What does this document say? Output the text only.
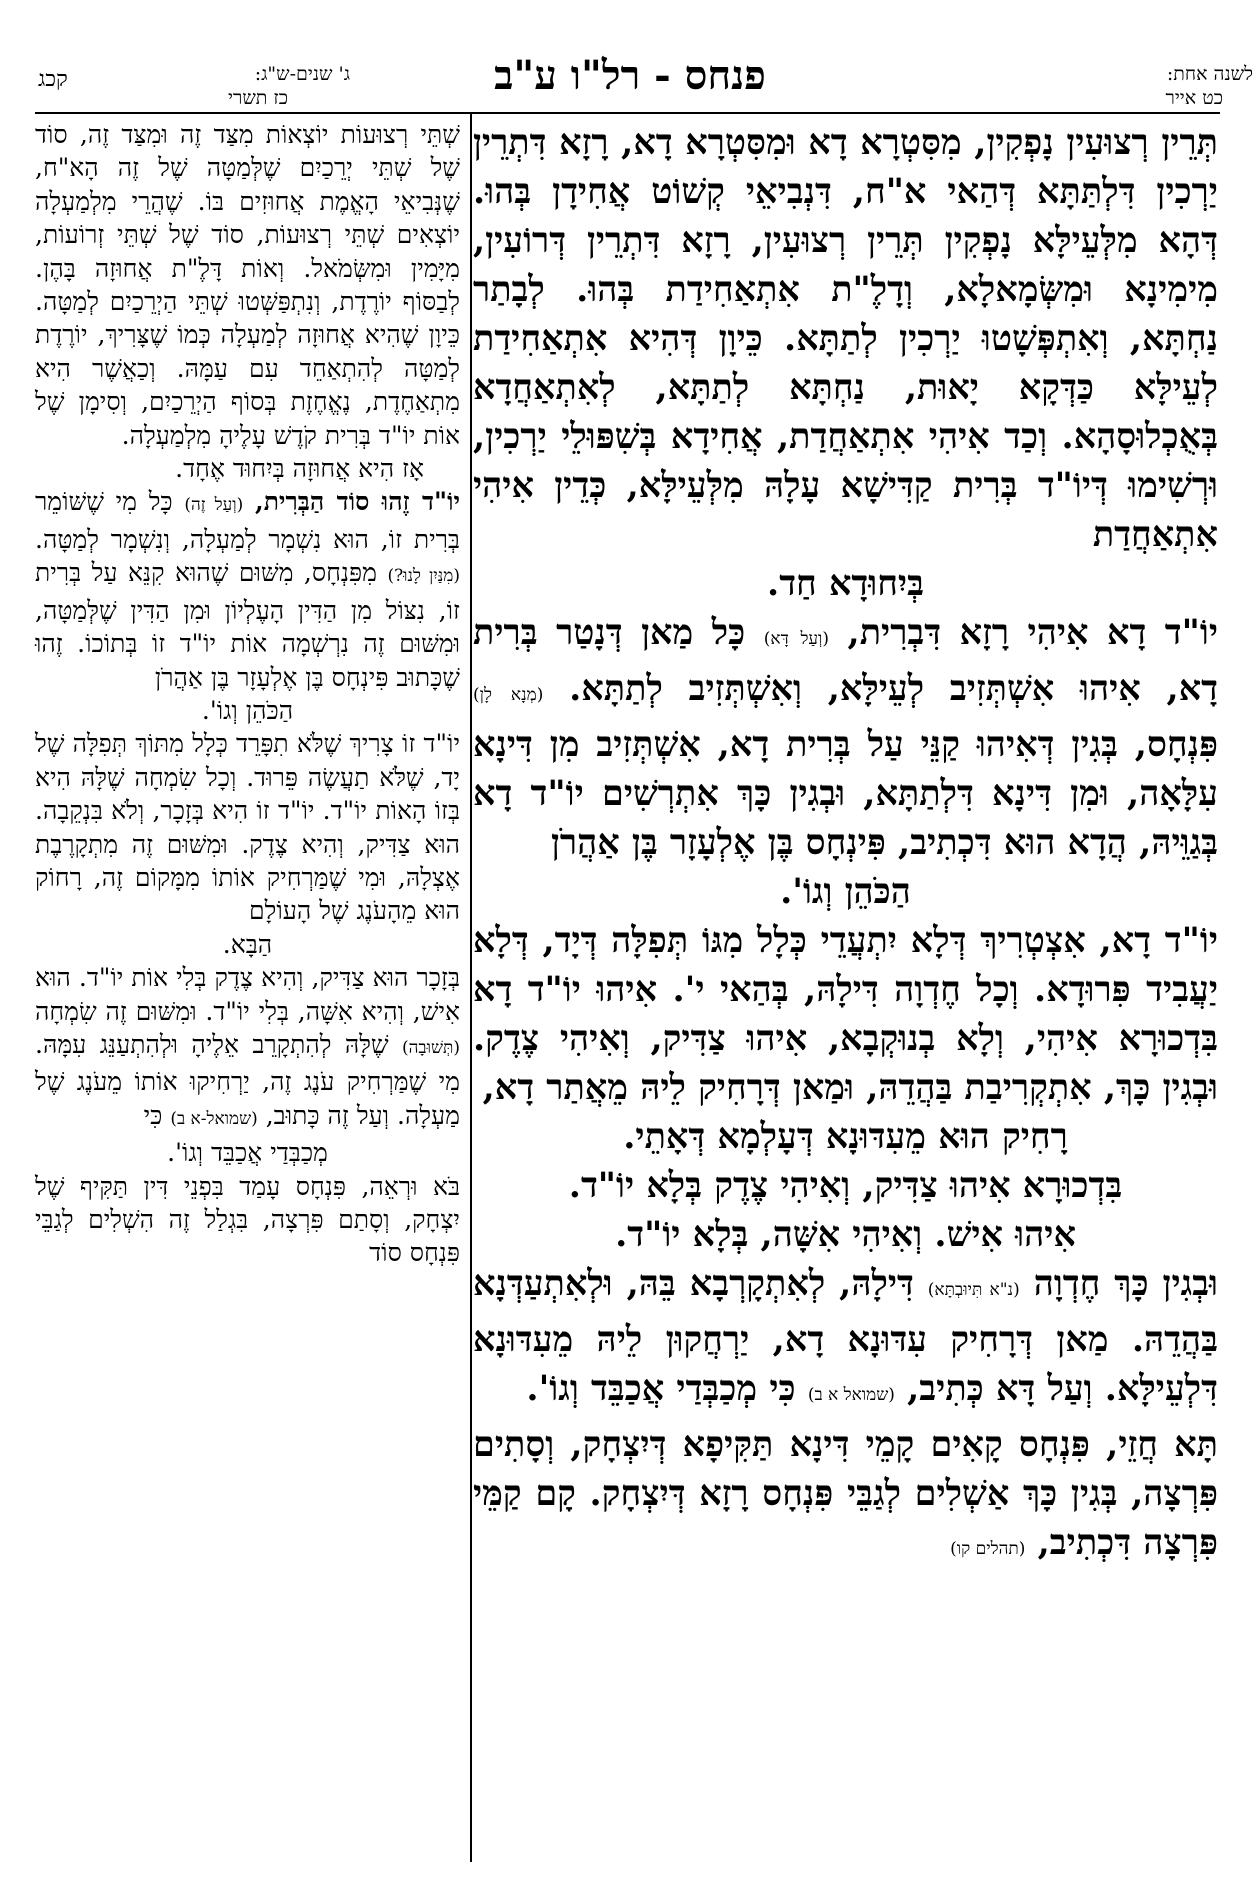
לשנה אחת:
כט אייר
פנחס - רל"ו ע"ב
ג' שנים-ש"ג:
כז תשרי
קכג

תְּרֵין רְצוּעִין נָפְקִין, מִסִּטְרָא דָא וּמִסִּטְרָא דָא, רָזָא דִּתְרֵין יַרְכִין דִּלְתַּתָּא דְּהַאי א"ח, דִּנְבִיאֵי קְשׁוֹט אֲחִידָן בְּהוּ. דְּהָא מִלְּעֵילָּא נָפְקִין תְּרֵין רְצוּעִין, רָזָא דִּתְרֵין דְּרוֹעִין, מִימִינָא וּמִשְּׂמָאלָא, וְדָלֶ"ת אִתְאַחִידַת בְּהוּ. לְבָתַר נַחְתָּא, וְאִתְפְּשָׁטוּ יַרְכִין לְתַתָּא. כֵּיוָן דְּהִיא אִתְאַחִידַת לְעֵילָּא כַּדְּקָא יָאוּת, נַחְתָּא לְתַתָּא, לְאִתְאַחֲדָא בְּאֻכְלוּסָהָא. וְכַד אִיהִי אִתְאַחֲדַת, אֲחִידָא בְּשִׁפּוּלֵי יַרְכִין, וּרְשִׁימוּ דְּיוֹ"ד בְּרִית קַדִּישָׁא עָלָהּ מִלְּעֵילָּא, כְּדֵין אִיהִי אִתְאַחֲדַת

בְּיִחוּדָא חַד.

יוֹ"ד דָא אִיהִי רָזָא דִּבְרִית, (וְעַל דָּא) כָּל מַאן דְּנָטַר בְּרִית דָא, אִיהוּ אִשְׁתְּזִיב לְעֵילָּא, וְאִשְׁתְּזִיב לְתַתָּא. (מְנָא לָן) פִּנְחָס, בְּגִין דְּאִיהוּ קַנֵּי עַל בְּרִית דָא, אִשְׁתְּזִיב מִן דִּינָא עִלָּאָה, וּמִן דִּינָא דִּלְתַתָּא, וּבְגִין כָּךְ אִתְרְשִׁים יוֹ"ד דָא בְּגַוֵּיהּ, הֲדָא הוּא דִּכְתִיב, פִּינְחָס בֶּן אֶלְעָזָר בֶּן אַהֲרֹן

הַכֹּהֵן וְגוֹ'.

יוֹ"ד דָא, אִצְטְרִיךְ דְּלָא יִתְעֲדֵי כְּלָל מִגּוֹ תְּפִלָּה דְּיָד, דְּלָא יַעֲבִיד פִּרוּדָא. וְכָל חֶדְוָה דִּילָהּ, בְּהַאי י'. אִיהוּ יוֹ"ד דָא בִּדְכוּרָא אִיהִי, וְלָא בְנוּקְבָא, אִיהוּ צַדִּיק, וְאִיהִי צֶדֶק. וּבְגִין כָּךְ, אִתְקְרִיבַת בַּהֲדֵהּ, וּמַאן דְּרָחִיק לֵיהּ מֵאֲתַר דָא,

רָחִיק הוּא מֵעִדּוּנָא דְּעָלְמָא דְּאָתֵי.

בִּדְכוּרָא אִיהוּ צַדִּיק, וְאִיהִי צֶדֶק בְּלָא יוֹ"ד.

אִיהוּ אִישׁ. וְאִיהִי אִשָּׁה, בְּלָא יוֹ"ד.

וּבְגִין כָּךְ חֶדְוָה (נ"א תִּיוּבְתָּא) דִּילָהּ, לְאִתְקָרְבָא בֵּהּ, וּלְאִתְעַדְּנָא בַּהֲדֵהּ. מַאן דְּרָחִיק עִדּוּנָא דָא, יַרְחֲקוּן לֵיהּ מֵעִדּוּנָא דִּלְעֵילָּא. וְעַל דָּא כְּתִיב, (שמואל א ב) כִּי מְכַבְּדַי אֲכַבֵּד וְגוֹ'.

תָּא חֲזֵי, פִּנְחָס קָאִים קָמֵי דִּינָא תַּקִּיפָא דְּיִצְחָק, וְסָתִים פִּרְצָה, בְּגִין כָּךְ אַשְׁלִים לְגַבֵּי פִּנְחָס רָזָא דְּיִצְחָק. קָם קַמֵּי פִּרְצָה דִּכְתִיב, (תהלים קו)

שְׁתֵּי רְצוּעוֹת יוֹצְאוֹת מִצַּד זֶה וּמִצַּד זֶה, סוֹד שֶׁל שְׁתֵּי יְרֵכַיִם שֶׁלְּמַטָּה שֶׁל זֶה הָא"ח, שֶׁנְּבִיאֵי הָאֱמֶת אֲחוּזִים בּוֹ. שֶׁהֲרֵי מִלְמַעְלָה יוֹצְאִים שְׁתֵּי רְצוּעוֹת, סוֹד שֶׁל שְׁתֵּי זְרוֹעוֹת, מִיָּמִין וּמִשְּׂמֹאל. וְאוֹת דָּלֶ"ת אֲחוּזָה בָּהֶן. לְבַסּוֹף יוֹרֶדֶת, וְנִתְפַּשְּׁטוּ שְׁתֵּי הַיְרֵכַיִם לְמַטָּה. כֵּיוָן שֶׁהִיא אֲחוּזָה לְמַעְלָה כְּמוֹ שֶׁצָּרִיךְ, יוֹרֶדֶת לְמַטָּה לְהִתְאַחֵד עִם עַמָּהּ. וְכַאֲשֶׁר הִיא מִתְאַחֶדֶת, נֶאֱחֶזֶת בְּסוֹף הַיְרֵכַיִם, וְסִימָן שֶׁל אוֹת יוֹ"ד בְּרִית קֹדֶשׁ עָלֶיהָ מִלְמַעְלָה.

אָז הִיא אֲחוּזָה בְּיִחוּד אֶחָד.

יוֹ"ד זֶהוּ סוֹד הַבְּרִית, (וְעַל זֶה) כָּל מִי שֶׁשּׁוֹמֵר בְּרִית זוֹ, הוּא נִשְׁמָר לְמַעְלָה, וְנִשְׁמָר לְמַטָּה. (מִנַּיִן לָנוּ?) מִפִּנְחָס, מִשּׁוּם שֶׁהוּא קִנֵּא עַל בְּרִית זוֹ, נִצּוֹל מִן הַדִּין הָעֶלְיוֹן וּמִן הַדִּין שֶׁלְּמַטָּה, וּמִשּׁוּם זֶה נִרְשְׁמָה אוֹת יוֹ"ד זוֹ בְּתוֹכוֹ. זֶהוּ שֶׁכָּתוּב פִּינְחָס בֶּן אֶלְעָזָר בֶּן אַהֲרֹן

הַכֹּהֵן וְגוֹ'.

יוֹ"ד זוֹ צָרִיךְ שֶׁלֹּא תִפָּרֵד כְּלָל מִתּוֹךְ תְּפִלָּה שֶׁל יָד, שֶׁלֹּא תַעֲשֶׂה פֵּרוּד. וְכָל שִׂמְחָה שֶׁלָּהּ הִיא בְּזוֹ הָאוֹת יוֹ"ד. יוֹ"ד זוֹ הִיא בְּזָכָר, וְלֹא בִּנְקֵבָה. הוּא צַדִּיק, וְהִיא צֶדֶק. וּמִשּׁוּם זֶה מִתְקָרֶבֶת אֶצְלָהּ, וּמִי שֶׁמַּרְחִיק אוֹתוֹ מִמָּקוֹם זֶה, רָחוֹק הוּא מֵהָעֹנֶג שֶׁל הָעוֹלָם

הַבָּא.

בְּזָכָר הוּא צַדִּיק, וְהִיא צֶדֶק בְּלִי אוֹת יוֹ"ד. הוּא אִישׁ, וְהִיא אִשָּׁה, בְּלִי יוֹ"ד. וּמִשּׁוּם זֶה שִׂמְחָה (תְּשׁוּבָה) שֶׁלָּהּ לְהִתְקָרֵב אֵלֶיהָ וּלְהִתְעַנֵּג עִמָּהּ. מִי שֶׁמַּרְחִיק עֹנֶג זֶה, יַרְחִיקוּ אוֹתוֹ מֵעֹנֶג שֶׁל מַעְלָה. וְעַל זֶה כָּתוּב, (שמואל-א ב) כִּי

מְכַבְּדַי אֲכַבֵּד וְגוֹ'.

בֹּא וּרְאֵה, פִּנְחָס עָמַד בִּפְנֵי דִּין תַּקִּיף שֶׁל יִצְחָק, וְסָתַם פִּרְצָה, בִּגְלַל זֶה הִשְׁלִים לְגַבֵּי פִּנְחָס סוֹד
